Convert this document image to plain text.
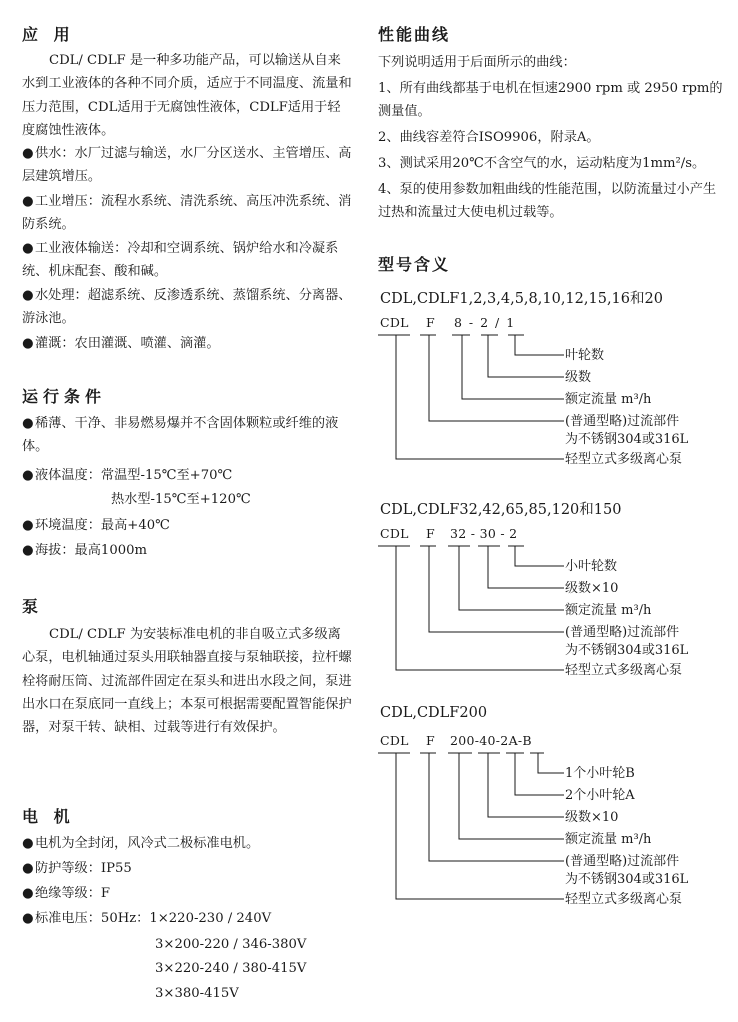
应 用
CDL/ CDLF 是一种多功能产品，可以输送从自来水到工业液体的各种不同介质，适应于不同温度、流量和压力范围，CDL适用于无腐蚀性液体，CDLF适用于轻度腐蚀性液体。
●供水：水厂过滤与输送，水厂分区送水、主管增压、高层建筑增压。
●工业增压：流程水系统、清洗系统、高压冲洗系统、消防系统。
●工业液体输送：冷却和空调系统、锅炉给水和冷凝系统、机床配套、酸和碱。
●水处理：超滤系统、反渗透系统、蒸馏系统、分离器、游泳池。
●灌溉：农田灌溉、喷灌、滴灌。
运行条件
●稀薄、干净、非易燃易爆并不含固体颗粒或纤维的液体。
●液体温度：常温型-15℃至+70℃
热水型-15℃至+120℃
●环境温度：最高+40℃
●海拔：最高1000m
泵
CDL/ CDLF 为安装标准电机的非自吸立式多级离心泵，电机轴通过泵头用联轴器直接与泵轴联接，拉杆螺栓将耐压筒、过流部件固定在泵头和进出水段之间，泵进出水口在泵底同一直线上；本泵可根据需要配置智能保护器，对泵干转、缺相、过载等进行有效保护。
电 机
●电机为全封闭，风冷式二极标准电机。
●防护等级：IP55
●绝缘等级：F
●标准电压：50Hz：1×220-230 / 240V
3×200-220 / 346-380V
3×220-240 / 380-415V
3×380-415V
性能曲线
下列说明适用于后面所示的曲线：
1、所有曲线都基于电机在恒速2900 rpm 或 2950 rpm的测量值。
2、曲线容差符合ISO9906，附录A。
3、测试采用20℃不含空气的水，运动粘度为1mm²/s。
4、泵的使用参数加粗曲线的性能范围，以防流量过小产生过热和流量过大使电机过载等。
型号含义
CDL,CDLF1,2,3,4,5,8,10,12,15,16和20
CDL F 8 - 2 / 1
叶轮数
级数
额定流量 m³/h
(普通型略)过流部件
为不锈钢304或316L
轻型立式多级离心泵
CDL,CDLF32,42,65,85,120和150
CDL F 32 - 30 - 2
小叶轮数
级数×10
额定流量 m³/h
(普通型略)过流部件
为不锈钢304或316L
轻型立式多级离心泵
CDL,CDLF200
CDL F 200-40-2A-B
1个小叶轮B
2个小叶轮A
级数×10
额定流量 m³/h
(普通型略)过流部件
为不锈钢304或316L
轻型立式多级离心泵
